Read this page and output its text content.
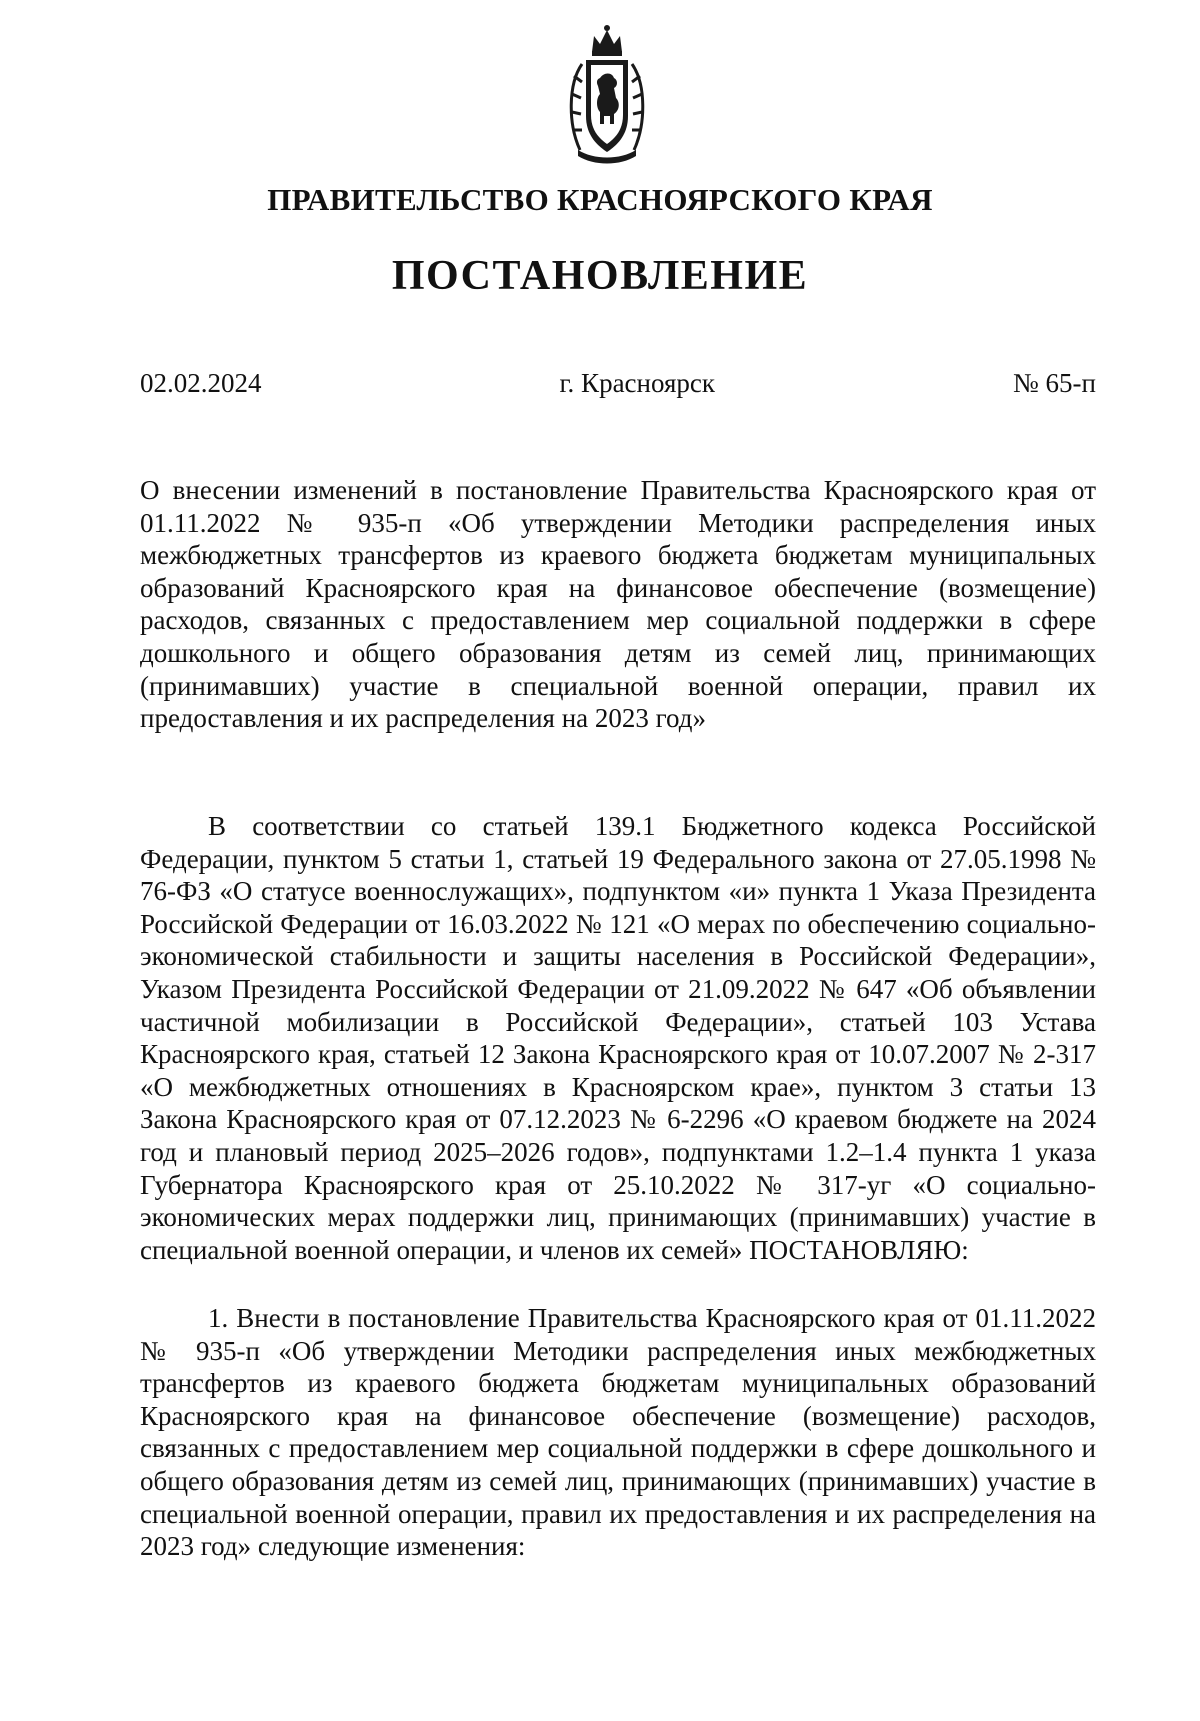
ПРАВИТЕЛЬСТВО КРАСНОЯРСКОГО КРАЯ
ПОСТАНОВЛЕНИЕ
02.02.2024	г. Красноярск	№ 65-п

О внесении изменений в постановление Правительства Красноярского края от 01.11.2022 № 935-п «Об утверждении Методики распределения иных межбюджетных трансфертов из краевого бюджета бюджетам муниципальных образований Красноярского края на финансовое обеспечение (возмещение) расходов, связанных с предоставлением мер социальной поддержки в сфере дошкольного и общего образования детям из семей лиц, принимающих (принимавших) участие в специальной военной операции, правил их предоставления и их распределения на 2023 год»

В соответствии со статьей 139.1 Бюджетного кодекса Российской Федерации, пунктом 5 статьи 1, статьей 19 Федерального закона от 27.05.1998 № 76-ФЗ «О статусе военнослужащих», подпунктом «и» пункта 1 Указа Президента Российской Федерации от 16.03.2022 № 121 «О мерах по обеспечению социально-экономической стабильности и защиты населения в Российской Федерации», Указом Президента Российской Федерации от 21.09.2022 № 647 «Об объявлении частичной мобилизации в Российской Федерации», статьей 103 Устава Красноярского края, статьей 12 Закона Красноярского края от 10.07.2007 № 2-317 «О межбюджетных отношениях в Красноярском крае», пунктом 3 статьи 13 Закона Красноярского края от 07.12.2023 № 6-2296 «О краевом бюджете на 2024 год и плановый период 2025–2026 годов», подпунктами 1.2–1.4 пункта 1 указа Губернатора Красноярского края от 25.10.2022 № 317-уг «О социально-экономических мерах поддержки лиц, принимающих (принимавших) участие в специальной военной операции, и членов их семей» ПОСТАНОВЛЯЮ:

1. Внести в постановление Правительства Красноярского края от 01.11.2022 № 935-п «Об утверждении Методики распределения иных межбюджетных трансфертов из краевого бюджета бюджетам муниципальных образований Красноярского края на финансовое обеспечение (возмещение) расходов, связанных с предоставлением мер социальной поддержки в сфере дошкольного и общего образования детям из семей лиц, принимающих (принимавших) участие в специальной военной операции, правил их предоставления и их распределения на 2023 год» следующие изменения:
